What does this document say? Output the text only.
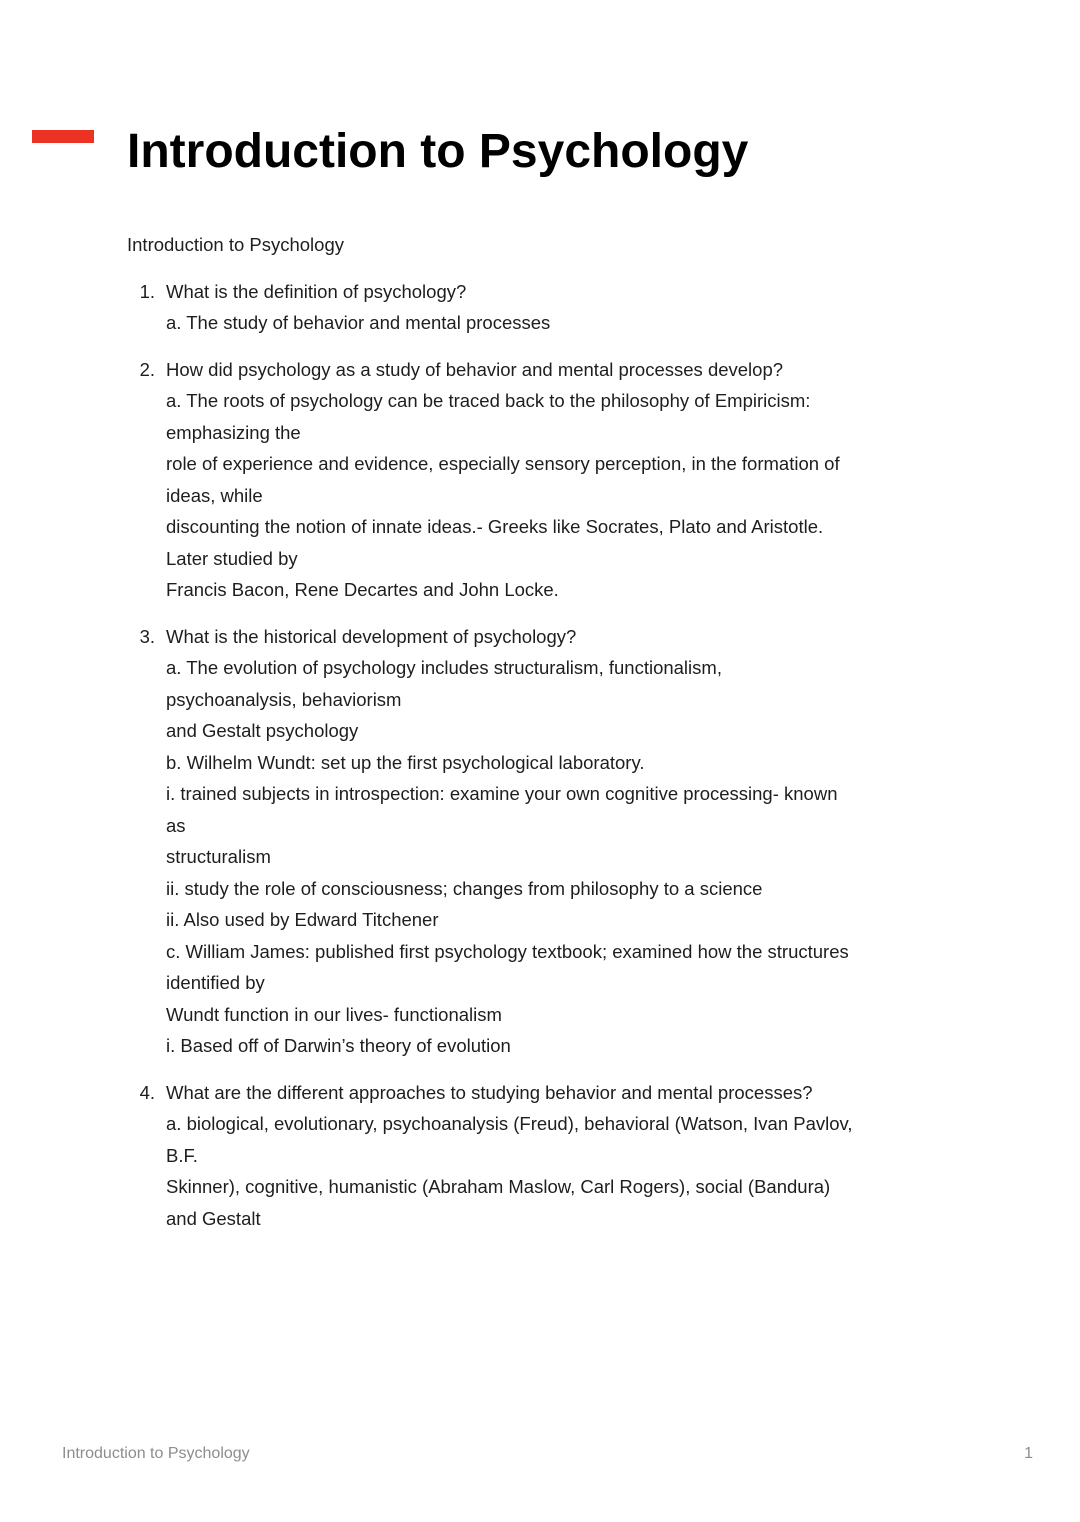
Introduction to Psychology
Introduction to Psychology
1. What is the definition of psychology?
a. The study of behavior and mental processes
2. How did psychology as a study of behavior and mental processes develop?
a. The roots of psychology can be traced back to the philosophy of Empiricism:
emphasizing the
role of experience and evidence, especially sensory perception, in the formation of
ideas, while
discounting the notion of innate ideas.- Greeks like Socrates, Plato and Aristotle.
Later studied by
Francis Bacon, Rene Decartes and John Locke.
3. What is the historical development of psychology?
a. The evolution of psychology includes structuralism, functionalism,
psychoanalysis, behaviorism
and Gestalt psychology
b. Wilhelm Wundt: set up the first psychological laboratory.
i. trained subjects in introspection: examine your own cognitive processing- known
as
structuralism
ii. study the role of consciousness; changes from philosophy to a science
ii. Also used by Edward Titchener
c. William James: published first psychology textbook; examined how the structures
identified by
Wundt function in our lives- functionalism
i. Based off of Darwin’s theory of evolution
4. What are the different approaches to studying behavior and mental processes?
a. biological, evolutionary, psychoanalysis (Freud), behavioral (Watson, Ivan Pavlov,
B.F.
Skinner), cognitive, humanistic (Abraham Maslow, Carl Rogers), social (Bandura)
and Gestalt
Introduction to Psychology	1
